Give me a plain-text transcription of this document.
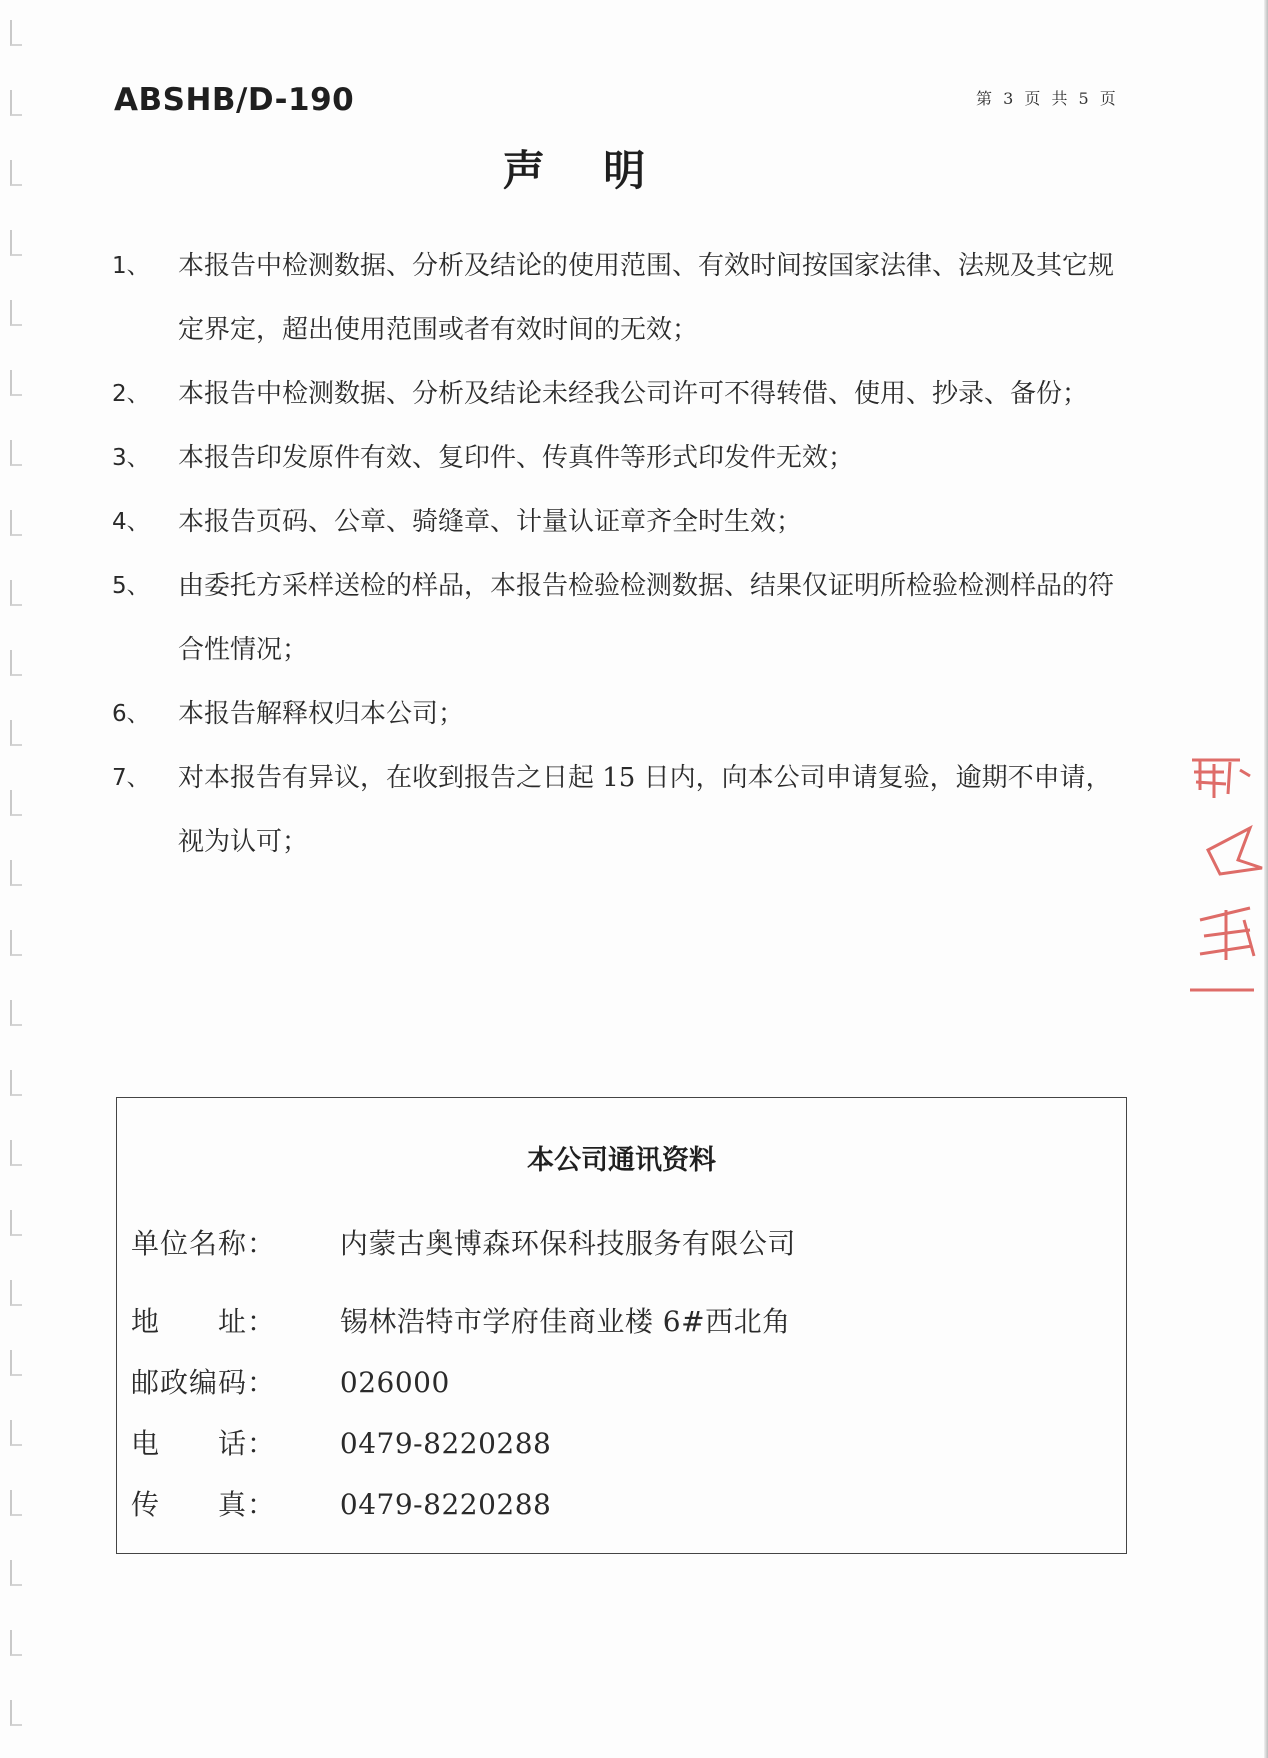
ABSHB/D-190	第 3 页 共 5 页
声 明
1、	本报告中检测数据、分析及结论的使用范围、有效时间按国家法律、法规及其它规定界定，超出使用范围或者有效时间的无效；
2、	本报告中检测数据、分析及结论未经我公司许可不得转借、使用、抄录、备份；
3、	本报告印发原件有效、复印件、传真件等形式印发件无效；
4、	本报告页码、公章、骑缝章、计量认证章齐全时生效；
5、	由委托方采样送检的样品，本报告检验检测数据、结果仅证明所检验检测样品的符合性情况；
6、	本报告解释权归本公司；
7、	对本报告有异议，在收到报告之日起 15 日内，向本公司申请复验，逾期不申请，视为认可；
本公司通讯资料
单位名称： 内蒙古奥博森环保科技服务有限公司
地　　址： 锡林浩特市学府佳商业楼 6#西北角
邮政编码： 026000
电　　话： 0479-8220288
传　　真： 0479-8220288
